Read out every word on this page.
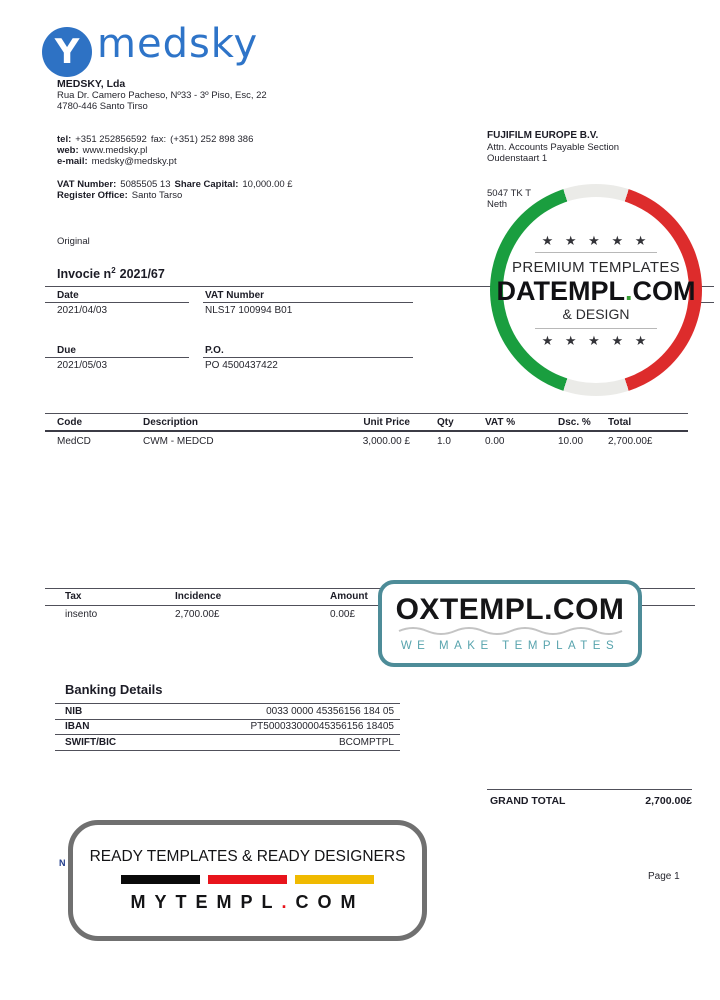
Y medsky
MEDSKY, Lda
Rua Dr. Camero Pacheso, Nº33 - 3º Piso, Esc, 22
4780-446 Santo Tirso
tel: +351 252856592 fax: (+351) 252 898 386
web: www.medsky.pl
e-mail: medsky@medsky.pt
VAT Number: 5085505 13 Share Capital: 10,000.00 £
Register Office: Santo Tarso
FUJIFILM EUROPE B.V.
Attn. Accounts Payable Section
Oudenstaart 1
5047 TK T
Neth
Original
Invocie $n^2$ 2021/67
Date	VAT Number
2021/04/03	NLS17 100994 B01
Due	P.O.
2021/05/03	PO 4500437422
Code	Description	Unit Price	Qty	VAT %	Dsc. % Total
MedCD	CWM - MEDCD	3,000.00 £	1.0	0.00	10.00 2,700.00£
Tax	Incidence	Amount
insento	2,700.00£	0.00£
Banking Details
NIB	0033 0000 45356156 184 05
IBAN	PT500033000045356156 18405
SWIFT/BIC	BCOMPTPL
GRAND TOTAL	2,700.00£
N
Page 1
★ ★ ★ ★ ★
PREMIUM TEMPLATES
DATEMPL.COM
& DESIGN
★ ★ ★ ★ ★
OXTEMPL.COM
WE MAKE TEMPLATES
READY TEMPLATES & READY DESIGNERS
MYTEMPL.COM
